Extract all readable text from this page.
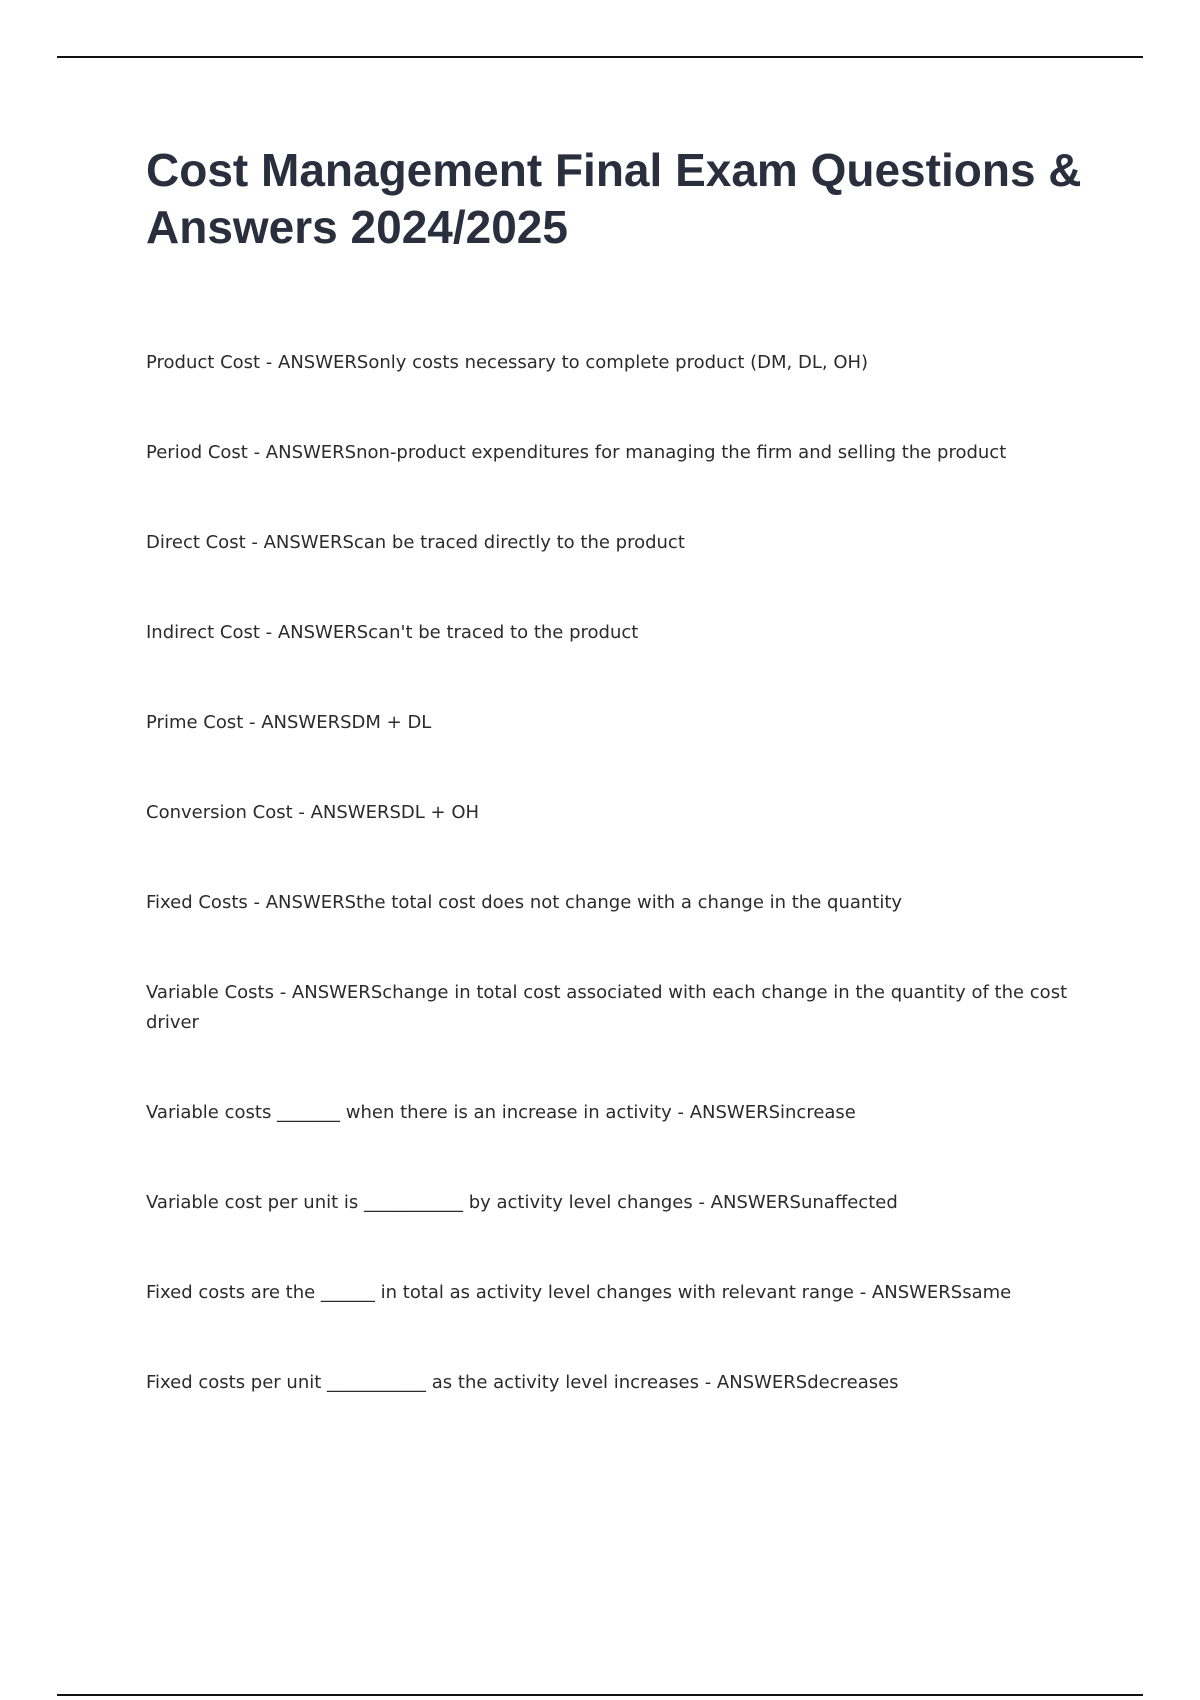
Cost Management Final Exam Questions & Answers 2024/2025
Product Cost - ANSWERSonly costs necessary to complete product (DM, DL, OH)
Period Cost - ANSWERSnon-product expenditures for managing the firm and selling the product
Direct Cost - ANSWERScan be traced directly to the product
Indirect Cost - ANSWERScan't be traced to the product
Prime Cost - ANSWERSDM + DL
Conversion Cost - ANSWERSDL + OH
Fixed Costs - ANSWERSthe total cost does not change with a change in the quantity
Variable Costs - ANSWERSchange in total cost associated with each change in the quantity of the cost driver
Variable costs _______ when there is an increase in activity - ANSWERSincrease
Variable cost per unit is ___________ by activity level changes - ANSWERSunaffected
Fixed costs are the ______ in total as activity level changes with relevant range - ANSWERSsame
Fixed costs per unit ___________ as the activity level increases - ANSWERSdecreases
